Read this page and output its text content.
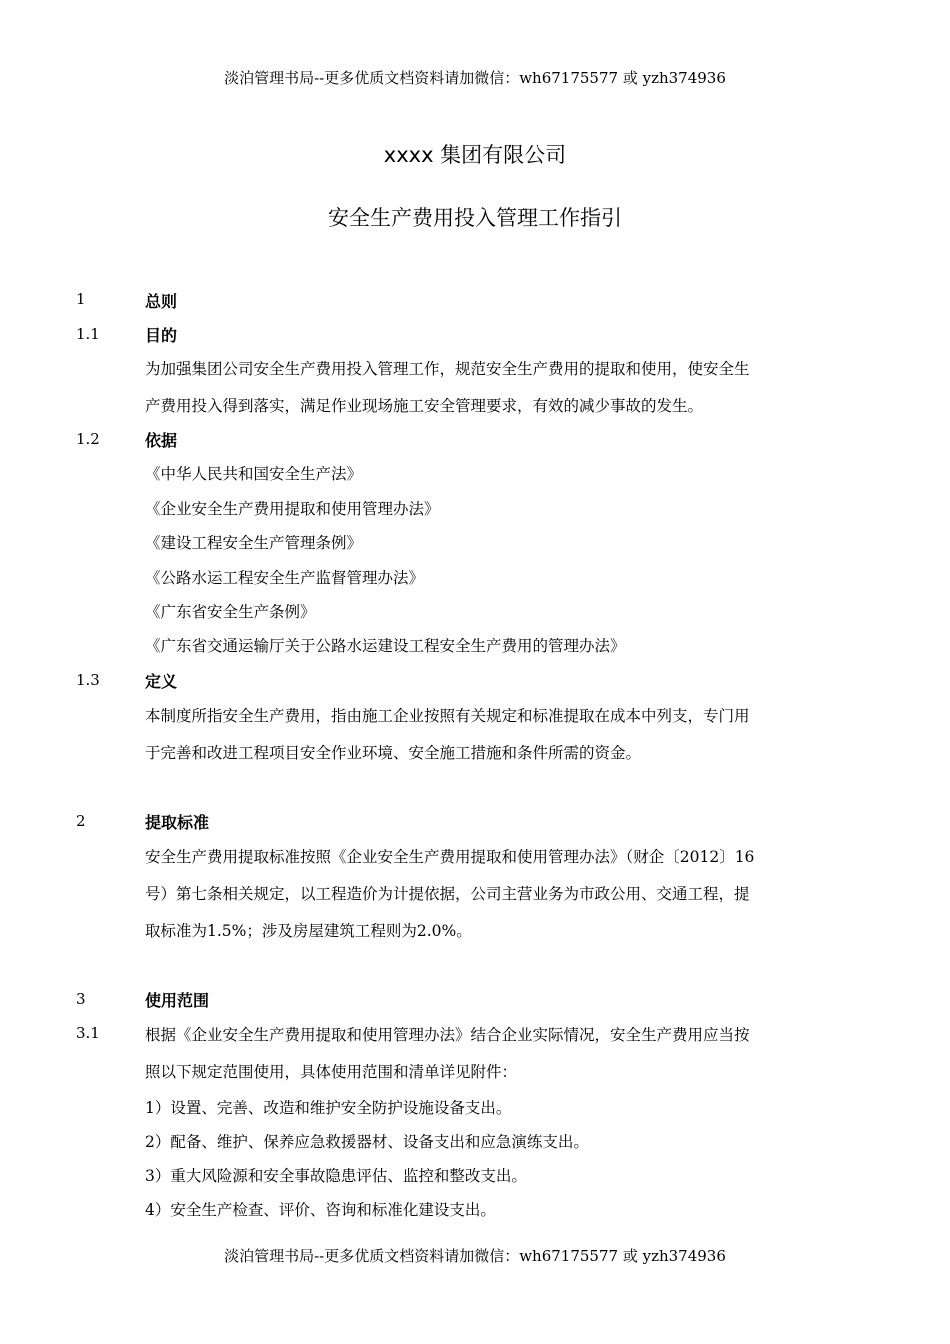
淡泊管理书局--更多优质文档资料请加微信：wh67175577 或 yzh374936
xxxx 集团有限公司
安全生产费用投入管理工作指引
1	总则
1.1	目的
为加强集团公司安全生产费用投入管理工作，规范安全生产费用的提取和使用，使安全生
产费用投入得到落实，满足作业现场施工安全管理要求，有效的减少事故的发生。
1.2	依据
《中华人民共和国安全生产法》
《企业安全生产费用提取和使用管理办法》
《建设工程安全生产管理条例》
《公路水运工程安全生产监督管理办法》
《广东省安全生产条例》
《广东省交通运输厅关于公路水运建设工程安全生产费用的管理办法》
1.3	定义
本制度所指安全生产费用，指由施工企业按照有关规定和标准提取在成本中列支，专门用
于完善和改进工程项目安全作业环境、安全施工措施和条件所需的资金。
2	提取标准
安全生产费用提取标准按照《企业安全生产费用提取和使用管理办法》（财企〔2012〕16
号）第七条相关规定，以工程造价为计提依据，公司主营业务为市政公用、交通工程，提
取标准为1.5%；涉及房屋建筑工程则为2.0%。
3	使用范围
3.1	根据《企业安全生产费用提取和使用管理办法》结合企业实际情况，安全生产费用应当按
照以下规定范围使用，具体使用范围和清单详见附件：
1）设置、完善、改造和维护安全防护设施设备支出。
2）配备、维护、保养应急救援器材、设备支出和应急演练支出。
3）重大风险源和安全事故隐患评估、监控和整改支出。
4）安全生产检查、评价、咨询和标准化建设支出。
淡泊管理书局--更多优质文档资料请加微信：wh67175577 或 yzh374936
